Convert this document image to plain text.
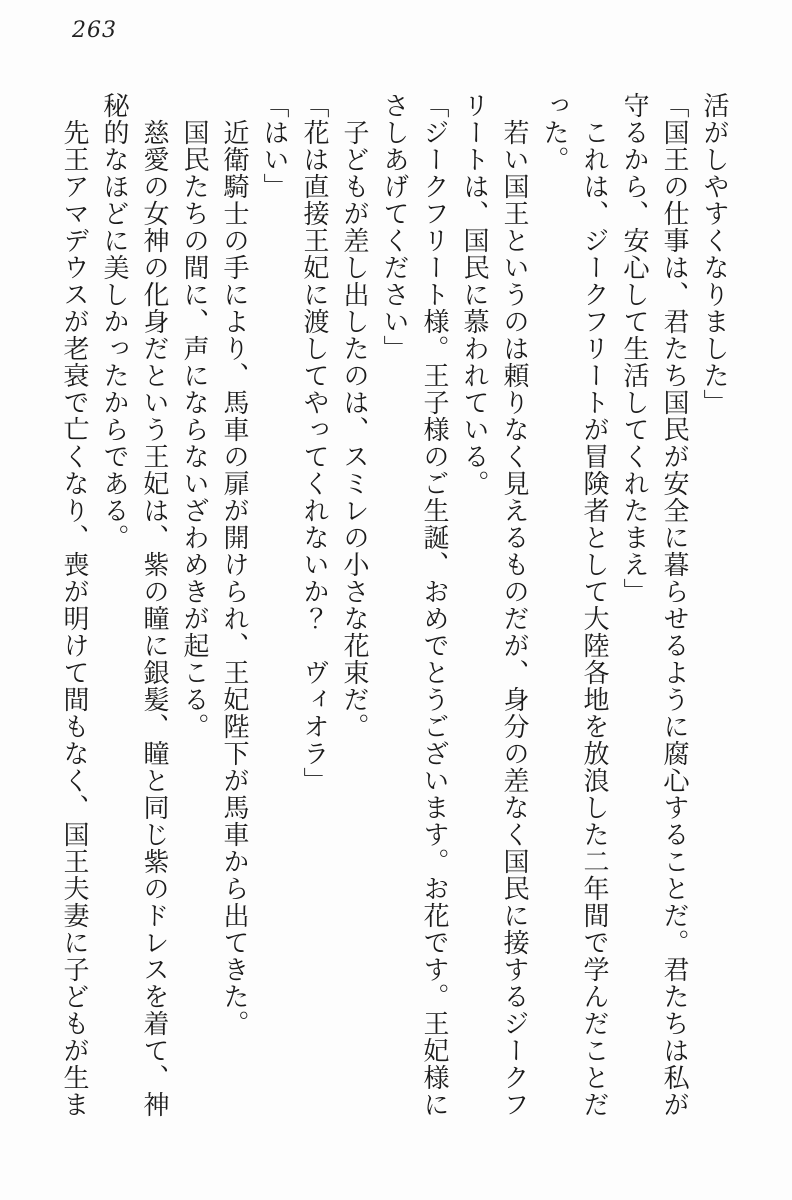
263

活がしやすくなりました」

「国王の仕事は、君たち国民が安全に暮らせるように腐心することだ。君たちは私が守るから、安心して生活してくれたまえ」

　これは、ジークフリートが冒険者として大陸各地を放浪した二年間で学んだことだった。

　若い国王というのは頼りなく見えるものだが、身分の差なく国民に接するジークフリートは、国民に慕われている。

「ジークフリート様。王子様のご生誕、おめでとうございます。お花です。王妃様にさしあげてください」

　子どもが差し出したのは、スミレの小さな花束だ。

「花は直接王妃に渡してやってくれないか？　ヴィオラ」

「はい」

　近衛騎士の手により、馬車の扉が開けられ、王妃陛下が馬車から出てきた。

　国民たちの間に、声にならないざわめきが起こる。

　慈愛の女神の化身だという王妃は、紫の瞳に銀髪、瞳と同じ紫のドレスを着て、神秘的なほどに美しかったからである。

　先王アマデウスが老衰で亡くなり、喪が明けて間もなく、国王夫妻に子どもが生ま
